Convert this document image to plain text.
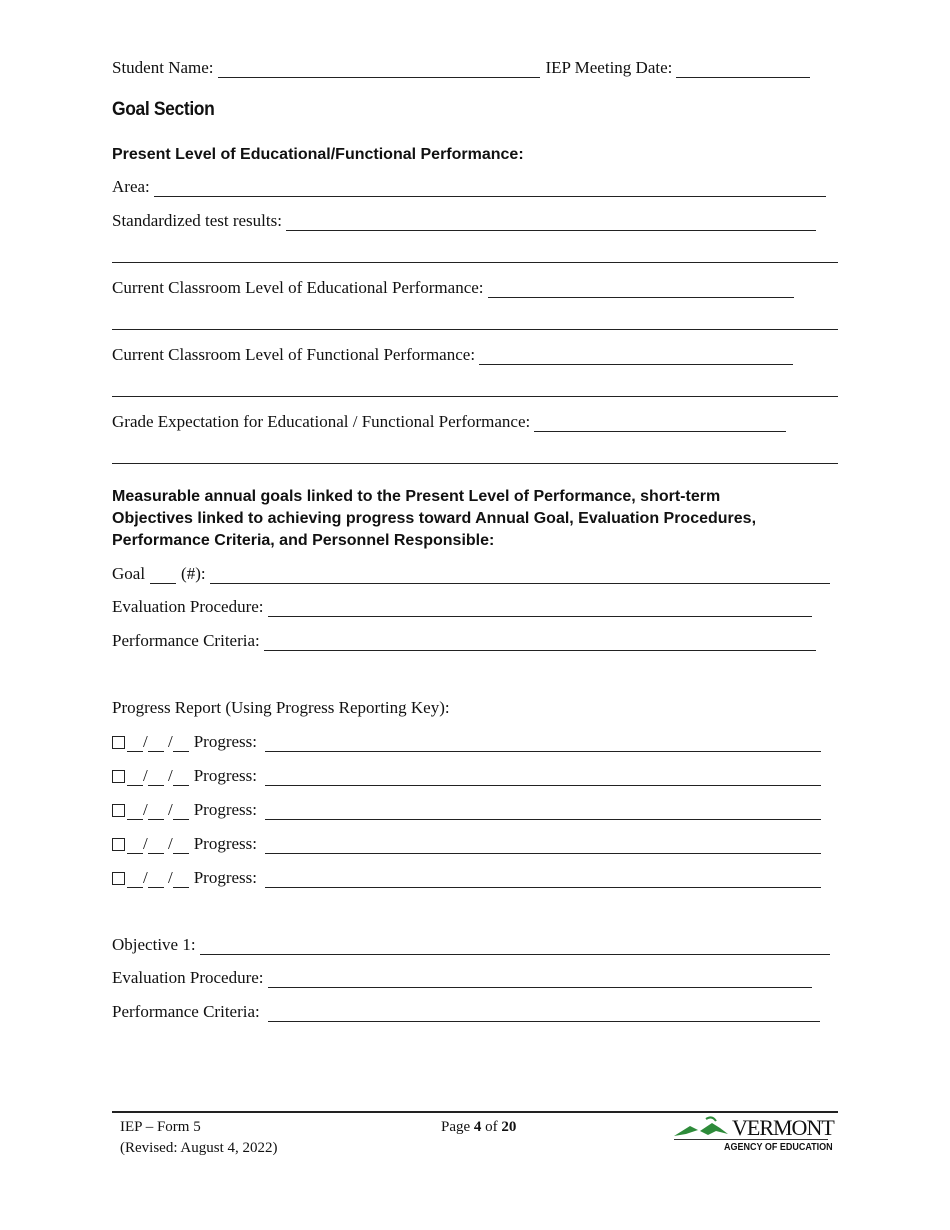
Student Name:	IEP Meeting Date:
Goal Section
Present Level of Educational/Functional Performance:
Area:
Standardized test results:
Current Classroom Level of Educational Performance:
Current Classroom Level of Functional Performance:
Grade Expectation for Educational / Functional Performance:
Measurable annual goals linked to the Present Level of Performance, short-term
Objectives linked to achieving progress toward Annual Goal, Evaluation Procedures,
Performance Criteria, and Personnel Responsible:
Goal (#):
Evaluation Procedure:
Performance Criteria:
Progress Report (Using Progress Reporting Key):
/ / Progress:
/ / Progress:
/ / Progress:
/ / Progress:
/ / Progress:
Objective 1:
Evaluation Procedure:
Performance Criteria:
IEP – Form 5
(Revised: August 4, 2022)
Page 4 of 20	VERMONT
AGENCY OF EDUCATION
